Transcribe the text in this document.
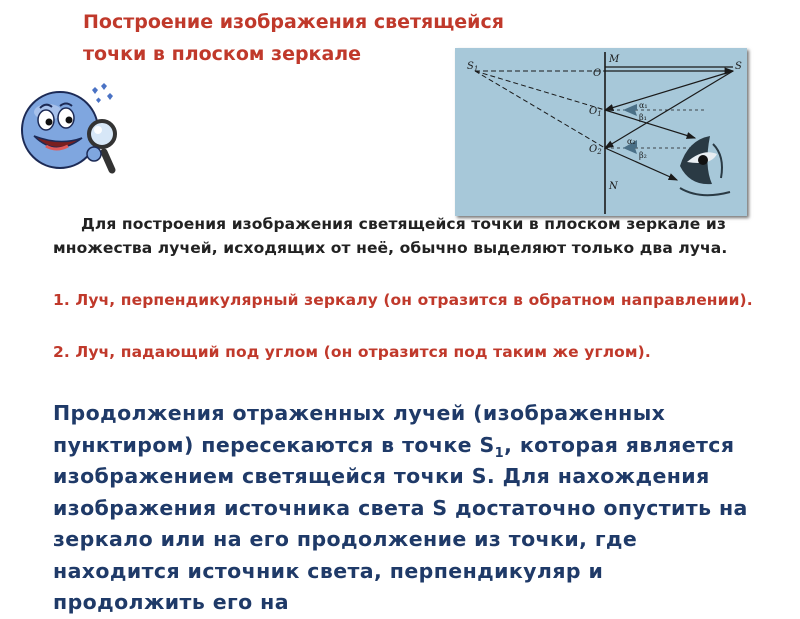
Построение изображения светящейся точки в плоском зеркале
$S_1$	S
M
N
O
$O_1$
$O_2$
α₁
β₁
α₂
β₂

Для построения изображения светящейся точки в плоском зеркале из множества лучей, исходящих от неё, обычно выделяют только два луча.

1. Луч, перпендикулярный зеркалу (он отразится в обратном направлении).

2. Луч, падающий под углом (он отразится под таким же углом).

Продолжения отраженных лучей (изображенных пунктиром) пересекаются в точке $S_1$, которая является изображением светящейся точки S. Для нахождения изображения источника света S достаточно опустить на зеркало или на его продолжение из точки, где находится источник света, перпендикуляр и продолжить его на
